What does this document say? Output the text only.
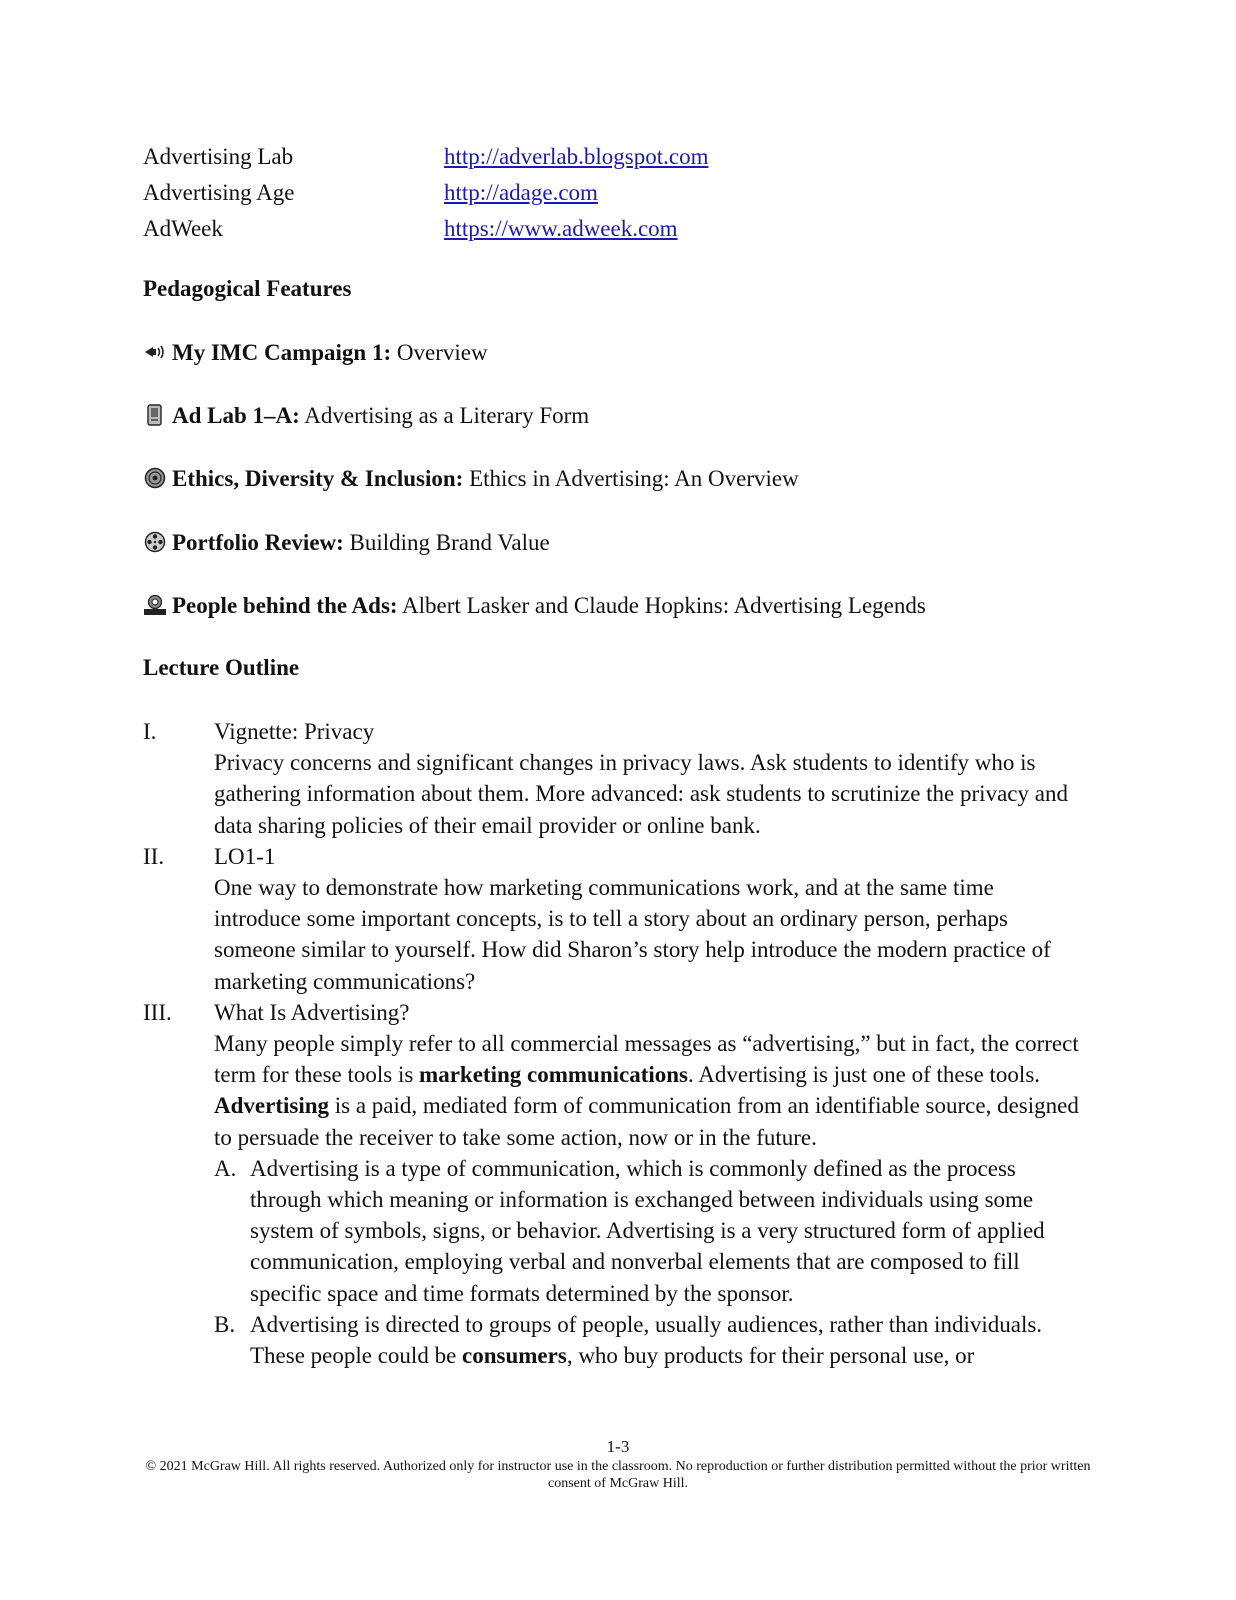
Advertising Lab	http://adverlab.blogspot.com
Advertising Age	http://adage.com
AdWeek	https://www.adweek.com
Pedagogical Features
My IMC Campaign 1: Overview
Ad Lab 1–A: Advertising as a Literary Form
Ethics, Diversity & Inclusion: Ethics in Advertising: An Overview
Portfolio Review: Building Brand Value
People behind the Ads: Albert Lasker and Claude Hopkins: Advertising Legends
Lecture Outline
I.	Vignette: Privacy

Privacy concerns and significant changes in privacy laws. Ask students to identify who is gathering information about them. More advanced: ask students to scrutinize the privacy and data sharing policies of their email provider or online bank.

II. LO1-1

One way to demonstrate how marketing communications work, and at the same time introduce some important concepts, is to tell a story about an ordinary person, perhaps someone similar to yourself. How did Sharon’s story help introduce the modern practice of marketing communications?

III. What Is Advertising?

Many people simply refer to all commercial messages as “advertising,” but in fact, the correct term for these tools is marketing communications. Advertising is just one of these tools.

Advertising is a paid, mediated form of communication from an identifiable source, designed to persuade the receiver to take some action, now or in the future.

A. Advertising is a type of communication, which is commonly defined as the process through which meaning or information is exchanged between individuals using some system of symbols, signs, or behavior. Advertising is a very structured form of applied communication, employing verbal and nonverbal elements that are composed to fill specific space and time formats determined by the sponsor.

B. Advertising is directed to groups of people, usually audiences, rather than individuals. These people could be consumers, who buy products for their personal use, or

1-3
© 2021 McGraw Hill. All rights reserved. Authorized only for instructor use in the classroom. No reproduction or further distribution permitted without the prior written consent of McGraw Hill.
